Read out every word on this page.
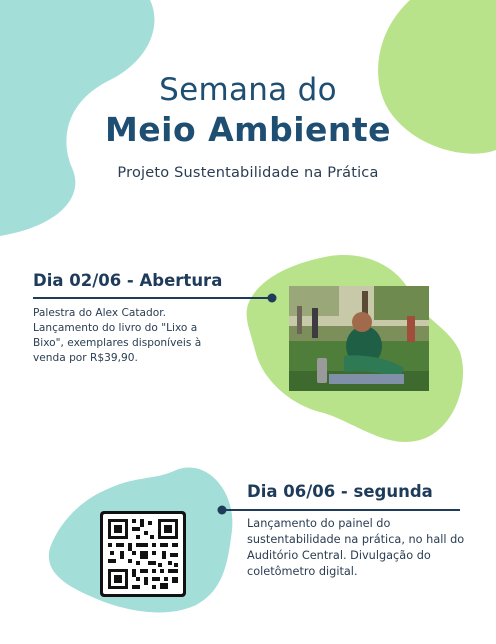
Semana do
Meio Ambiente
Projeto Sustentabilidade na Prática
Dia 02/06 - Abertura
Palestra do Alex Catador. Lançamento do livro do "Lixo a Bixo", exemplares disponíveis à venda por R$39,90.
Dia 06/06 - segunda
Lançamento do painel do sustentabilidade na prática, no hall do Auditório Central. Divulgação do coletômetro digital.
